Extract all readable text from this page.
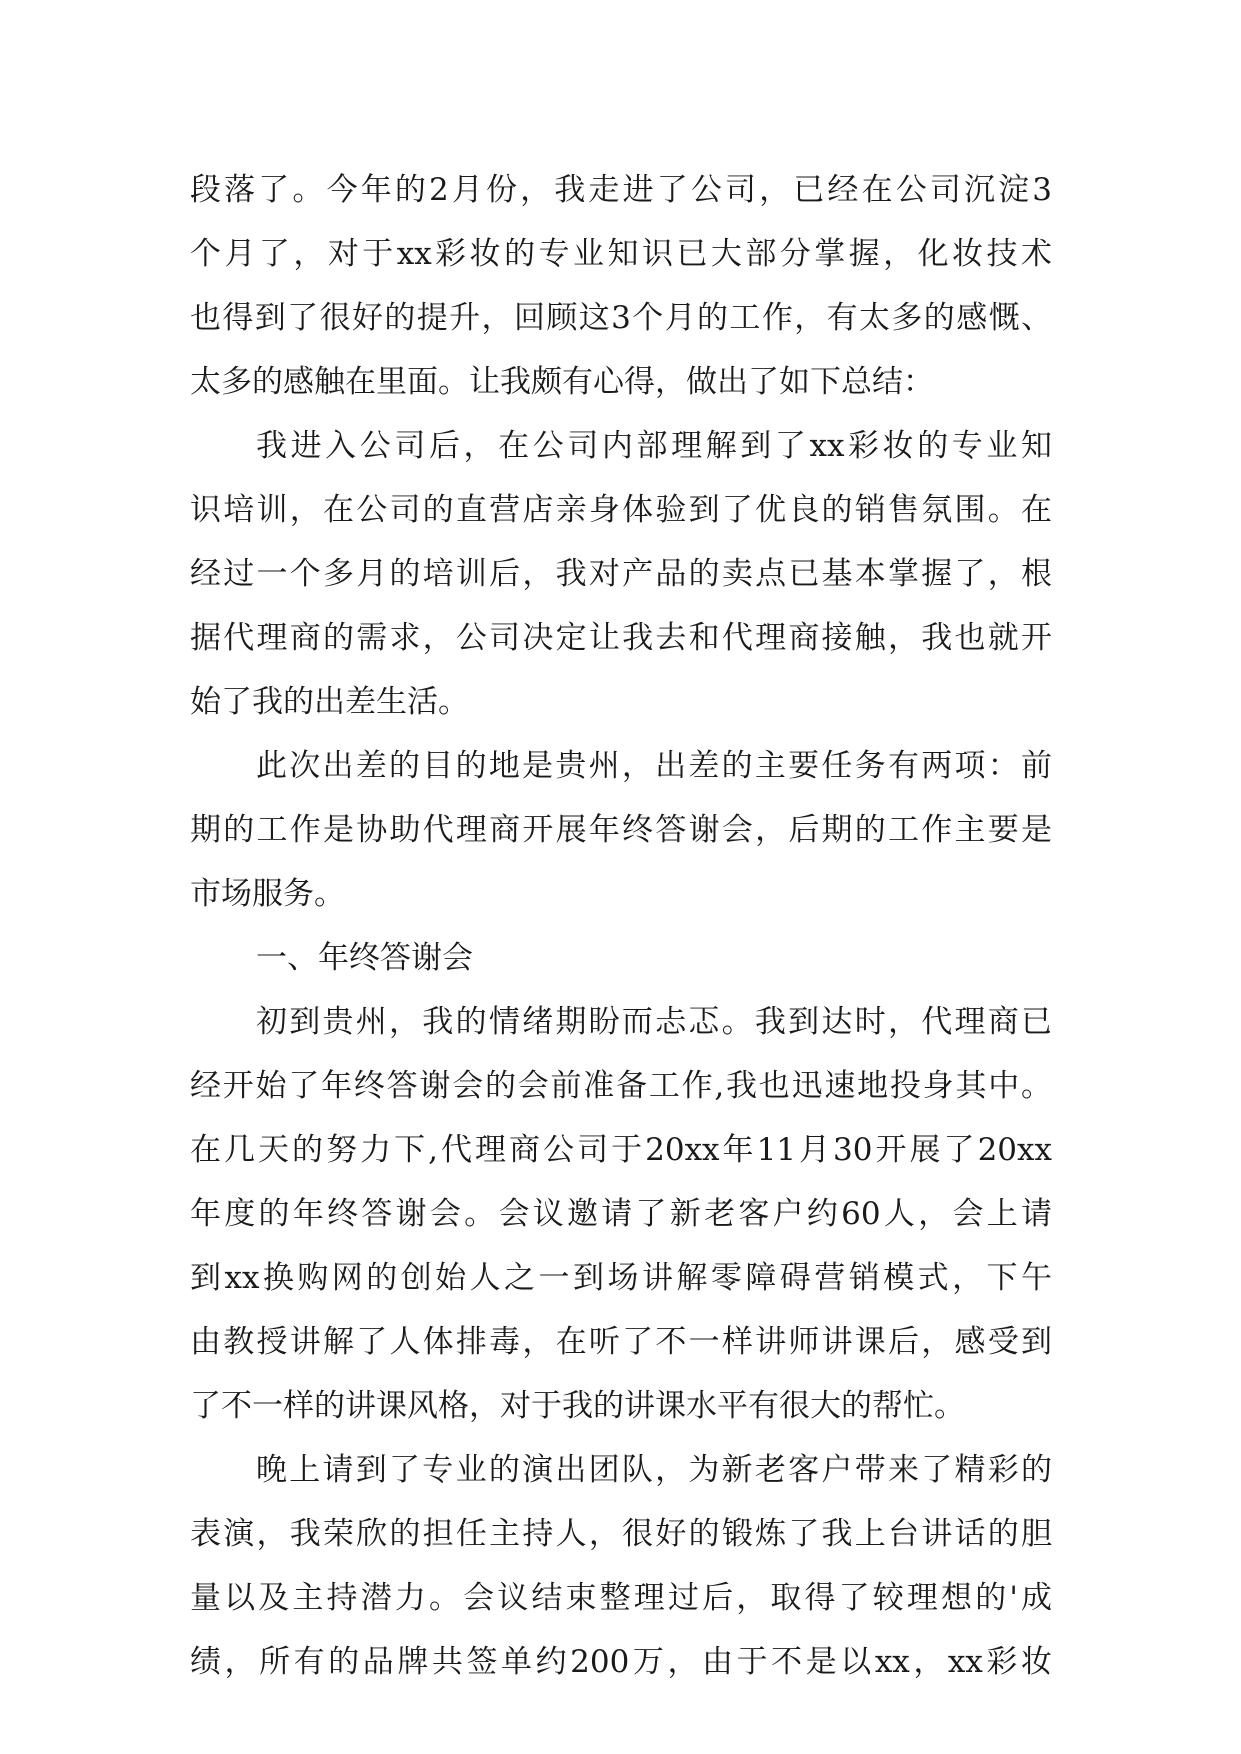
段落了。今年的2月份，我走进了公司，已经在公司沉淀3
个月了，对于xx彩妆的专业知识已大部分掌握，化妆技术
也得到了很好的提升，回顾这3个月的工作，有太多的感慨、
太多的感触在里面。让我颇有心得，做出了如下总结：
我进入公司后，在公司内部理解到了xx彩妆的专业知
识培训，在公司的直营店亲身体验到了优良的销售氛围。在
经过一个多月的培训后，我对产品的卖点已基本掌握了，根
据代理商的需求，公司决定让我去和代理商接触，我也就开
始了我的出差生活。
此次出差的目的地是贵州，出差的主要任务有两项：前
期的工作是协助代理商开展年终答谢会，后期的工作主要是
市场服务。
一、年终答谢会
初到贵州，我的情绪期盼而忐忑。我到达时，代理商已
经开始了年终答谢会的会前准备工作,我也迅速地投身其中。
在几天的努力下,代理商公司于20xx年11月30开展了20xx
年度的年终答谢会。会议邀请了新老客户约60人，会上请
到xx换购网的创始人之一到场讲解零障碍营销模式，下午
由教授讲解了人体排毒，在听了不一样讲师讲课后，感受到
了不一样的讲课风格，对于我的讲课水平有很大的帮忙。
晚上请到了专业的演出团队，为新老客户带来了精彩的
表演，我荣欣的担任主持人，很好的锻炼了我上台讲话的胆
量以及主持潜力。会议结束整理过后，取得了较理想的'成
绩，所有的品牌共签单约200万，由于不是以xx，xx彩妆
